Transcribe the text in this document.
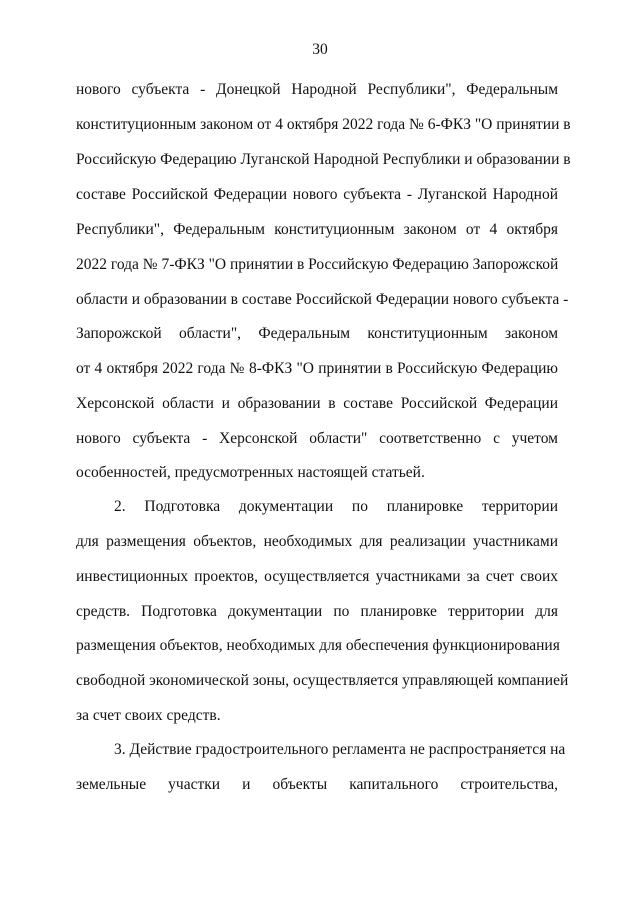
30
нового субъекта - Донецкой Народной Республики", Федеральным
конституционным законом от 4 октября 2022 года № 6-ФКЗ "О принятии в
Российскую Федерацию Луганской Народной Республики и образовании в
составе Российской Федерации нового субъекта - Луганской Народной
Республики", Федеральным конституционным законом от 4 октября
2022 года № 7-ФКЗ "О принятии в Российскую Федерацию Запорожской
области и образовании в составе Российской Федерации нового субъекта -
Запорожской области", Федеральным конституционным законом
от 4 октября 2022 года № 8-ФКЗ "О принятии в Российскую Федерацию
Херсонской области и образовании в составе Российской Федерации
нового субъекта - Херсонской области" соответственно с учетом
особенностей, предусмотренных настоящей статьей.
2. Подготовка документации по планировке территории
для размещения объектов, необходимых для реализации участниками
инвестиционных проектов, осуществляется участниками за счет своих
средств. Подготовка документации по планировке территории для
размещения объектов, необходимых для обеспечения функционирования
свободной экономической зоны, осуществляется управляющей компанией
за счет своих средств.
3. Действие градостроительного регламента не распространяется на
земельные участки и объекты капитального строительства,
